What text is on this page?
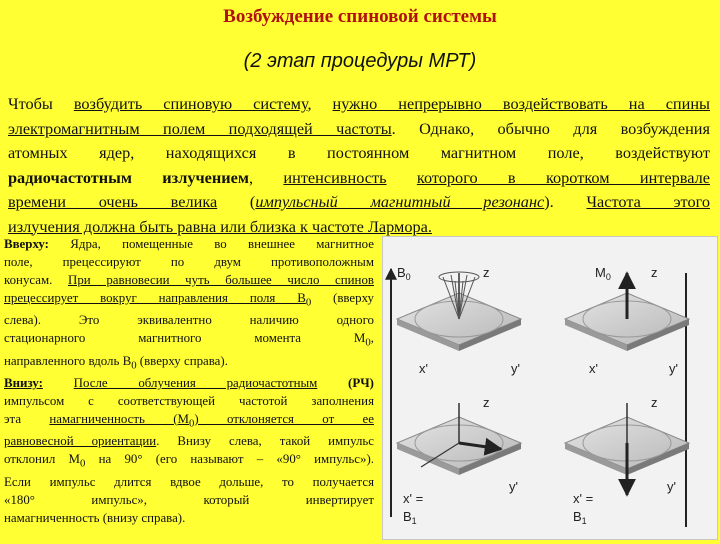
Возбуждение спиновой системы
(2 этап процедуры МРТ)
Чтобы возбудить спиновую систему, нужно непрерывно воздействовать на спины
электромагнитным полем подходящей частоты. Однако, обычно для возбуждения
атомных ядер, находящихся в постоянном магнитном поле, воздействуют
радиочастотным излучением, интенсивность которого в коротком интервале
времени очень велика (импульсный магнитный резонанс). Частота этого
излучения должна быть равна или близка к частоте Лармора.
Вверху: Ядра, помещенные во внешнее магнитное
поле, прецессируют по двум противоположным
конусам. При равновесии чуть большее число спинов
прецессирует вокруг направления поля $B_0$ (вверху
слева). Это эквивалентно наличию одного
стационарного магнитного момента $M_0$,
направленного вдоль $B_0$ (вверху справа).
Внизу: После облучения радиочастотным (РЧ)
импульсом с соответствующей частотой заполнения
эта намагниченность $(M_0)$ отклоняется от ее
равновесной ориентации. Внизу слева, такой импульс
отклонил $M_0$ на 90° (его называют – «90° импульс»).
Если импульс длится вдвое дольше, то получается
«180° импульс», который инвертирует
намагниченность (внизу справа).
$B_0$	z	$M_0$	z
x'	y'	x'	y'
z	z
y'	y'
x' =
$B_1$
x' =
$B_1$
